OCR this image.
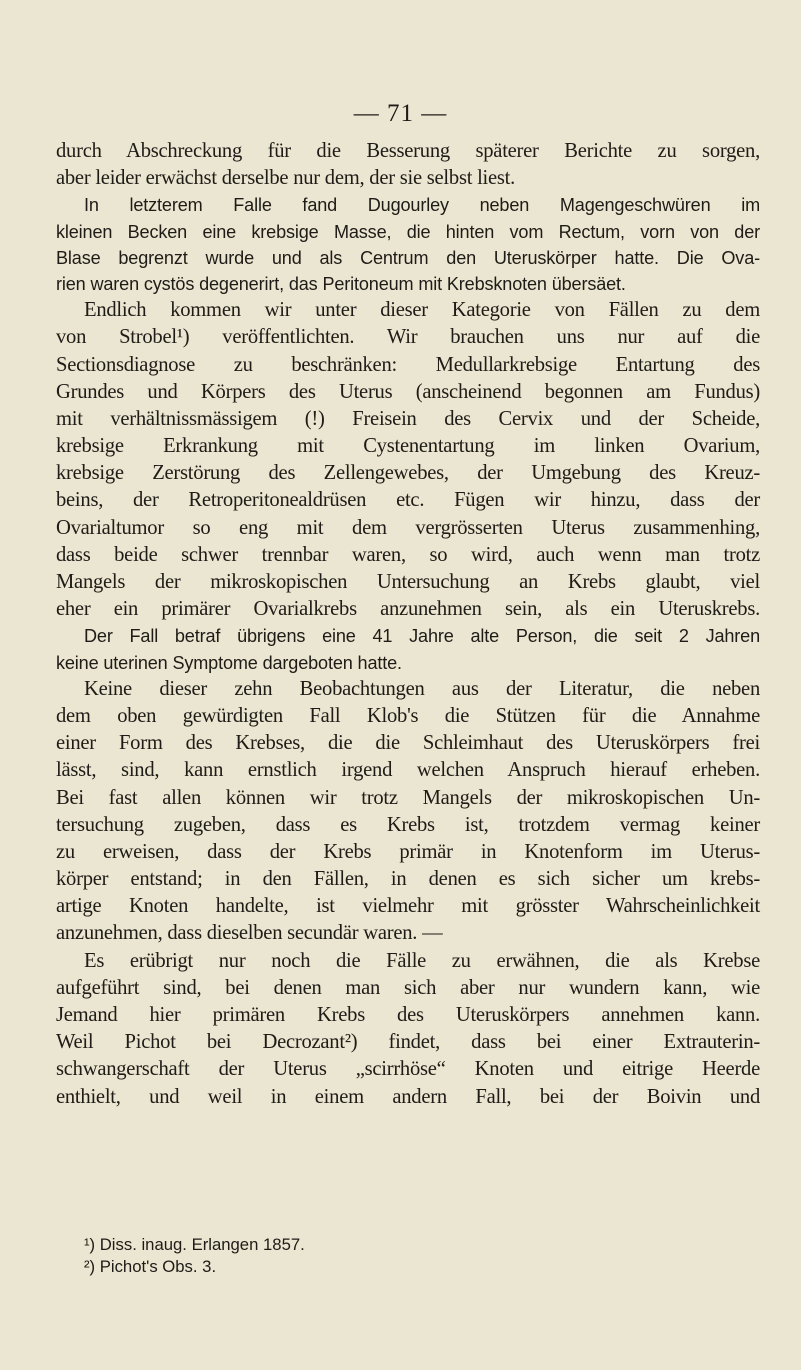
— 71 —
durch Abschreckung für die Besserung späterer Berichte zu sorgen,
aber leider erwächst derselbe nur dem, der sie selbst liest.
In letzterem Falle fand Dugourley neben Magengeschwüren im
kleinen Becken eine krebsige Masse, die hinten vom Rectum, vorn von der
Blase begrenzt wurde und als Centrum den Uteruskörper hatte. Die Ova-
rien waren cystös degenerirt, das Peritoneum mit Krebsknoten übersäet.
Endlich kommen wir unter dieser Kategorie von Fällen zu dem
von Strobel¹) veröffentlichten. Wir brauchen uns nur auf die
Sectionsdiagnose zu beschränken: Medullarkrebsige Entartung des
Grundes und Körpers des Uterus (anscheinend begonnen am Fundus)
mit verhältnissmässigem (!) Freisein des Cervix und der Scheide,
krebsige Erkrankung mit Cystenentartung im linken Ovarium,
krebsige Zerstörung des Zellengewebes, der Umgebung des Kreuz-
beins, der Retroperitonealdrüsen etc. Fügen wir hinzu, dass der
Ovarialtumor so eng mit dem vergrösserten Uterus zusammenhing,
dass beide schwer trennbar waren, so wird, auch wenn man trotz
Mangels der mikroskopischen Untersuchung an Krebs glaubt, viel
eher ein primärer Ovarialkrebs anzunehmen sein, als ein Uteruskrebs.
Der Fall betraf übrigens eine 41 Jahre alte Person, die seit 2 Jahren
keine uterinen Symptome dargeboten hatte.
Keine dieser zehn Beobachtungen aus der Literatur, die neben
dem oben gewürdigten Fall Klob's die Stützen für die Annahme
einer Form des Krebses, die die Schleimhaut des Uteruskörpers frei
lässt, sind, kann ernstlich irgend welchen Anspruch hierauf erheben.
Bei fast allen können wir trotz Mangels der mikroskopischen Un-
tersuchung zugeben, dass es Krebs ist, trotzdem vermag keiner
zu erweisen, dass der Krebs primär in Knotenform im Uterus-
körper entstand; in den Fällen, in denen es sich sicher um krebs-
artige Knoten handelte, ist vielmehr mit grösster Wahrscheinlichkeit
anzunehmen, dass dieselben secundär waren. —
Es erübrigt nur noch die Fälle zu erwähnen, die als Krebse
aufgeführt sind, bei denen man sich aber nur wundern kann, wie
Jemand hier primären Krebs des Uteruskörpers annehmen kann.
Weil Pichot bei Decrozant²) findet, dass bei einer Extrauterin-
schwangerschaft der Uterus „scirrhöse“ Knoten und eitrige Heerde
enthielt, und weil in einem andern Fall, bei der Boivin und
¹) Diss. inaug. Erlangen 1857.
²) Pichot's Obs. 3.
